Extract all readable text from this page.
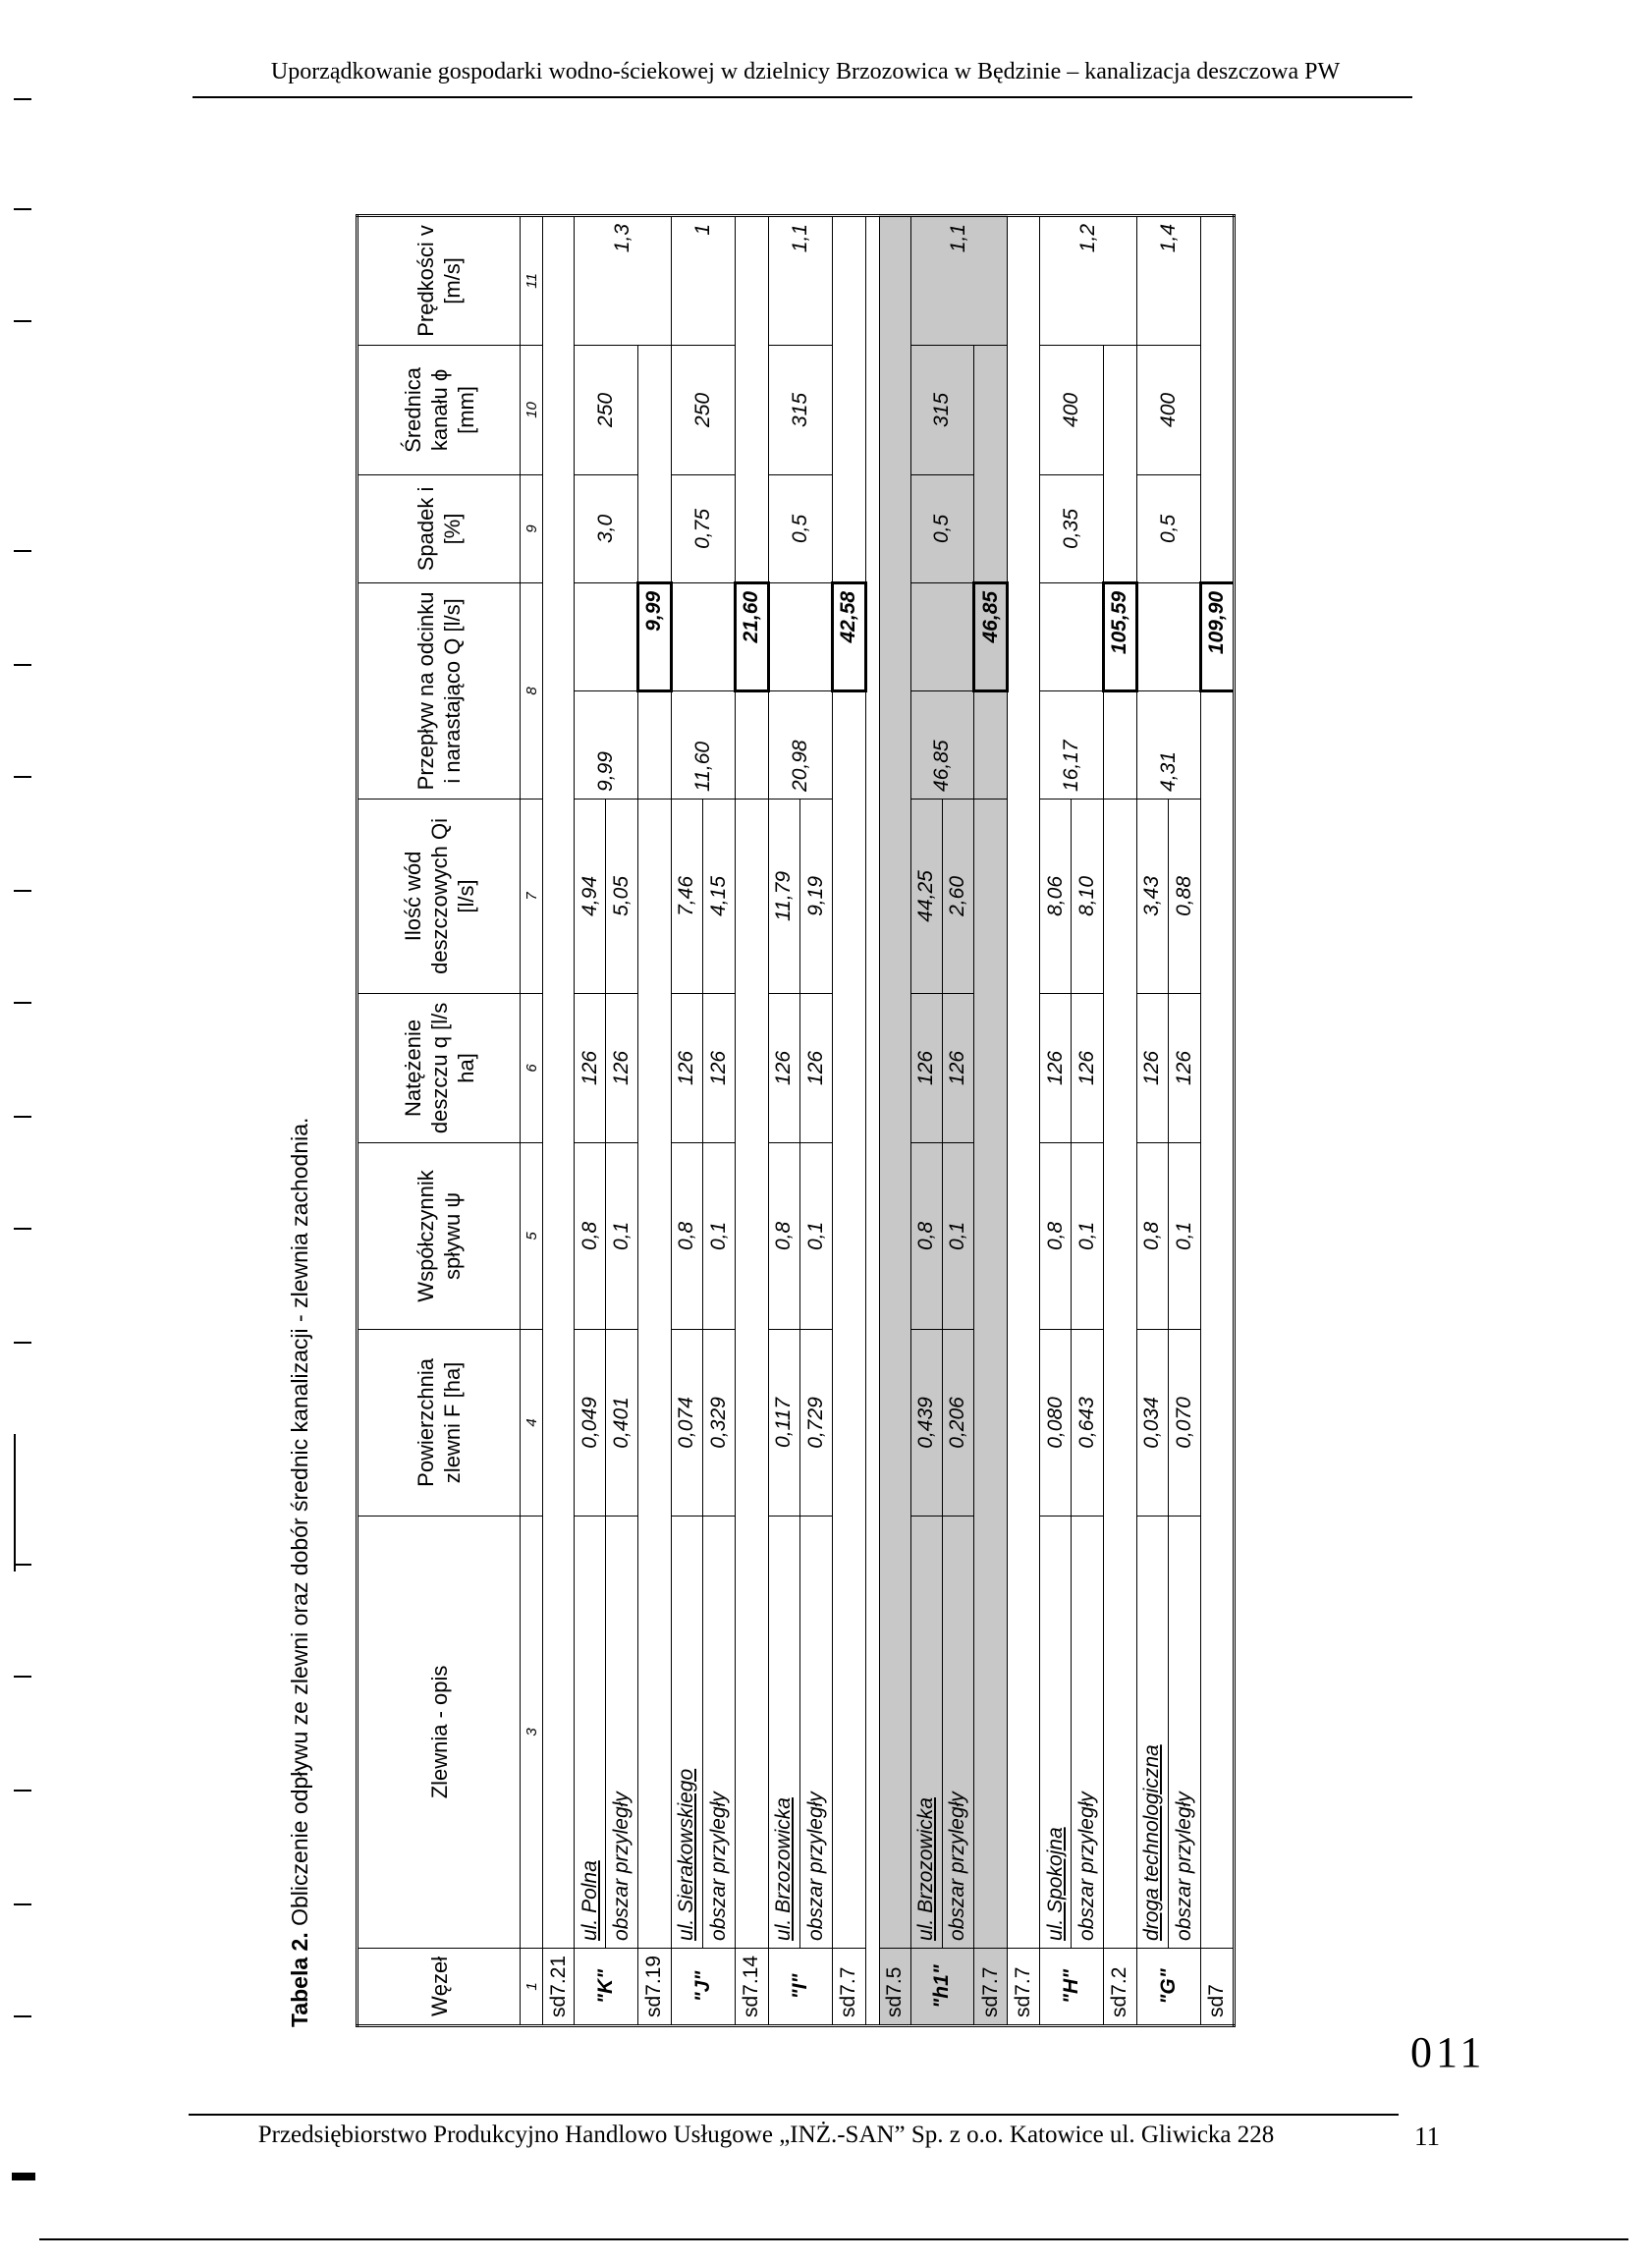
Uporządkowanie gospodarki wodno-ściekowej w dzielnicy Brzozowica w Będzinie – kanalizacja deszczowa PW
Tabela 2. Obliczenie odpływu ze zlewni oraz dobór średnic kanalizacji - zlewnia zachodnia.
Węzeł	Zlewnia - opis	Powierzchnia zlewni F [ha]	Współczynnik spływu ψ	Natężenie deszczu q [l/s ha]	Ilość wód deszczowych Qi [l/s]	Przepływ na odcinku i narastająco Q [l/s]		Spadek i [%]	Średnica kanału ϕ [mm]	Prędkości v [m/s]
1	3	4	5	6	7	8		9	10	11
sd7.21										
"K"	ul. Polna	0,049	0,8	126	4,94	9,99		3,0	250	1,3
	obszar przyległy	0,401	0,1	126	5,05					
sd7.19							9,99			
"J"	ul. Sierakowskiego	0,074	0,8	126	7,46	11,60		0,75	250	1
	obszar przyległy	0,329	0,1	126	4,15					
sd7.14							21,60			
"I"	ul. Brzozowicka	0,117	0,8	126	11,79	20,98		0,5	315	1,1
	obszar przyległy	0,729	0,1	126	9,19					
sd7.7							42,58			

sd7.5										
"h1"	ul. Brzozowicka	0,439	0,8	126	44,25	46,85		0,5	315	1,1
	obszar przyległy	0,206	0,1	126	2,60					
sd7.7							46,85			
sd7.7										
"H"	ul. Spokojna	0,080	0,8	126	8,06	16,17		0,35	400	1,2
	obszar przyległy	0,643	0,1	126	8,10					
sd7.2							105,59			
"G"	droga technologiczna	0,034	0,8	126	3,43	4,31		0,5	400	1,4
	obszar przyległy	0,070	0,1	126	0,88					
sd7							109,90			
011
Przedsiębiorstwo Produkcyjno Handlowo Usługowe „INŻ.-SAN” Sp. z o.o. Katowice ul. Gliwicka 228	11
